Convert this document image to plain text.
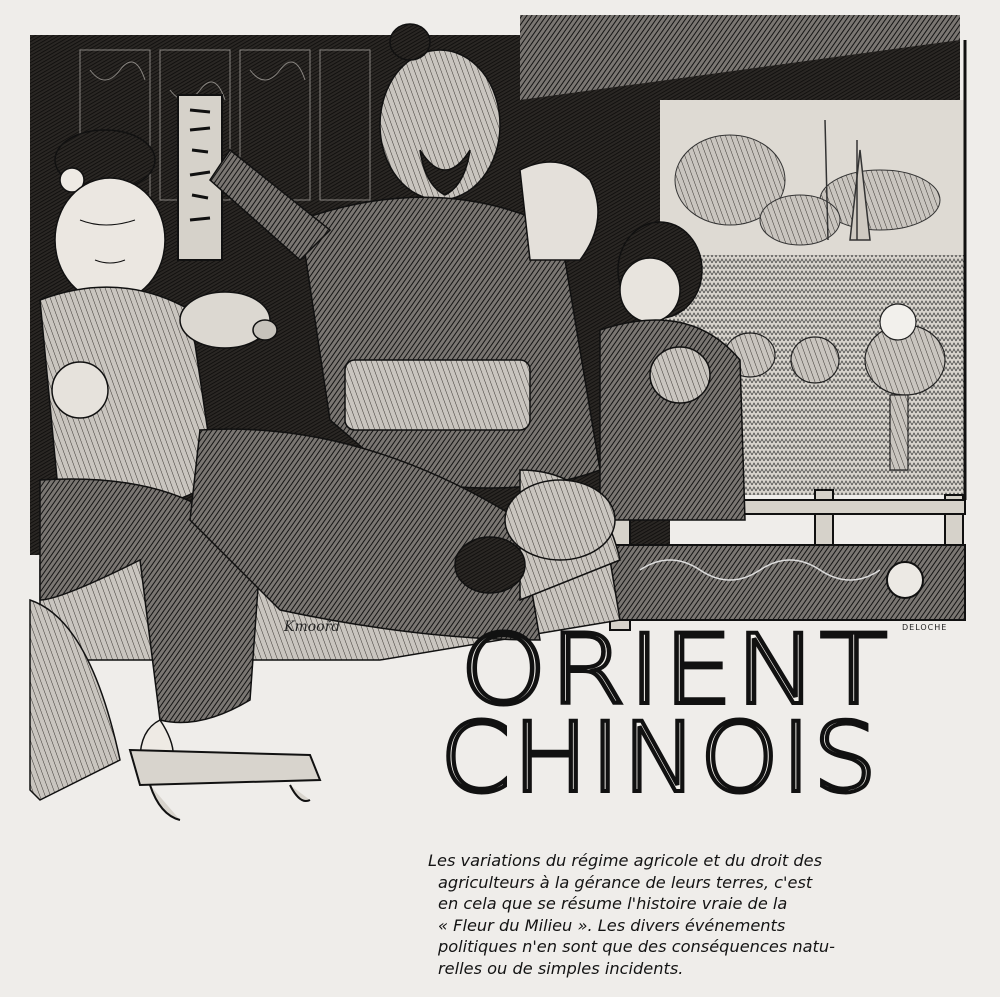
Kmoořd	DELOCHE
ORIENT
CHINOIS
Les variations du régime agricole et du droit des
agriculteurs à la gérance de leurs terres, c'est
en cela que se résume l'histoire vraie de la
« Fleur du Milieu ». Les divers événements
politiques n'en sont que des conséquences natu-
relles ou de simples incidents.
